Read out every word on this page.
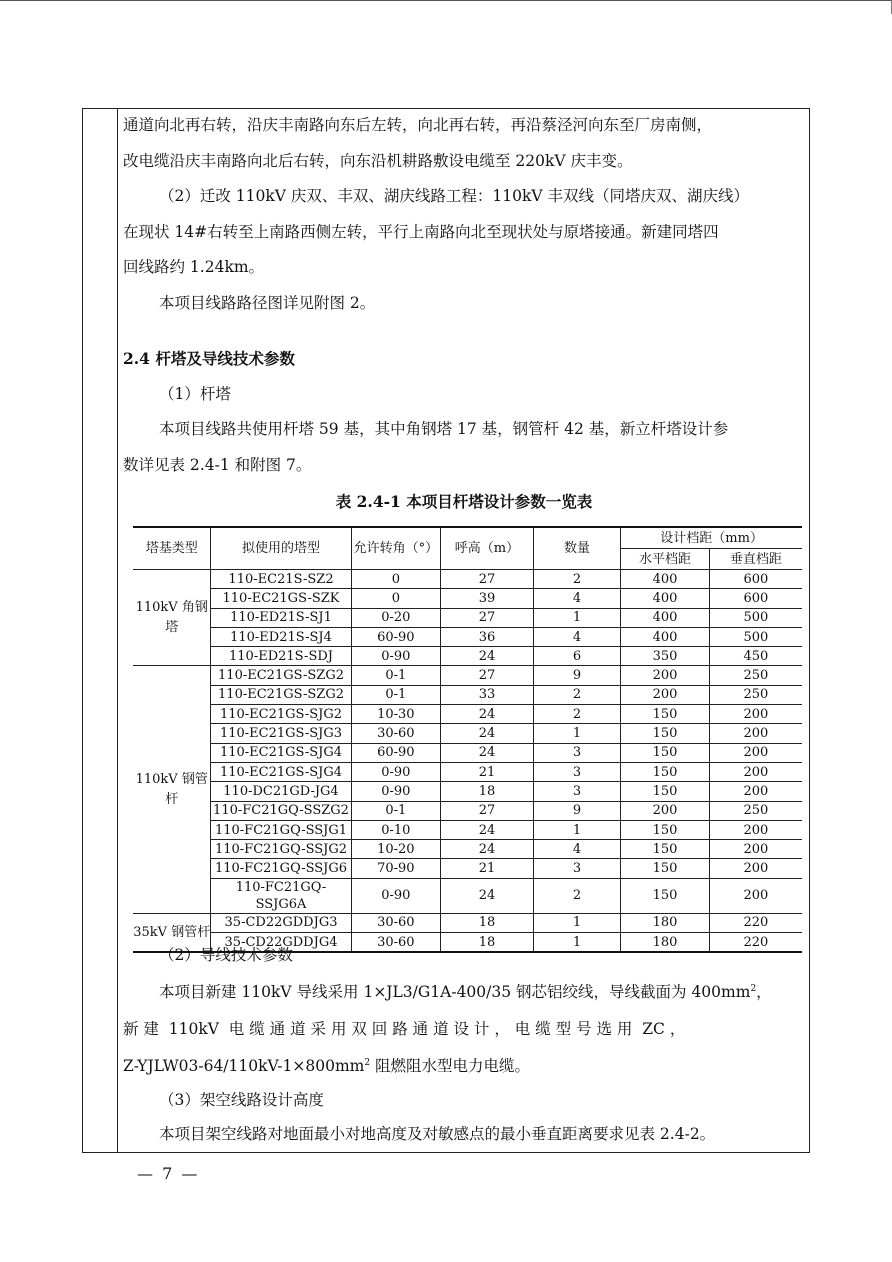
通道向北再右转，沿庆丰南路向东后左转，向北再右转，再沿蔡泾河向东至厂房南侧，

改电缆沿庆丰南路向北后右转，向东沿机耕路敷设电缆至 220kV 庆丰变。

（2）迁改 110kV 庆双、丰双、湖庆线路工程：110kV 丰双线（同塔庆双、湖庆线）

在现状 14#右转至上南路西侧左转，平行上南路向北至现状处与原塔接通。新建同塔四

回线路约 1.24km。

本项目线路路径图详见附图 2。

2.4 杆塔及导线技术参数

（1）杆塔

本项目线路共使用杆塔 59 基，其中角钢塔 17 基，钢管杆 42 基，新立杆塔设计参

数详见表 2.4-1 和附图 7。

表 2.4-1 本项目杆塔设计参数一览表
塔基类型	拟使用的塔型	允许转角（°）	呼高（m）	数量	设计档距（mm）	
					水平档距	垂直档距
110kV 角钢塔	110-EC21S-SZ2	0	27	2	400	600
	110-EC21GS-SZK	0	39	4	400	600
	110-ED21S-SJ1	0-20	27	1	400	500
	110-ED21S-SJ4	60-90	36	4	400	500
	110-ED21S-SDJ	0-90	24	6	350	450
110kV 钢管杆	110-EC21GS-SZG2	0-1	27	9	200	250
	110-EC21GS-SZG2	0-1	33	2	200	250
	110-EC21GS-SJG2	10-30	24	2	150	200
	110-EC21GS-SJG3	30-60	24	1	150	200
	110-EC21GS-SJG4	60-90	24	3	150	200
	110-EC21GS-SJG4	0-90	21	3	150	200
	110-DC21GD-JG4	0-90	18	3	150	200
	110-FC21GQ-SSZG2	0-1	27	9	200	250
	110-FC21GQ-SSJG1	0-10	24	1	150	200
	110-FC21GQ-SSJG2	10-20	24	4	150	200
	110-FC21GQ-SSJG6	70-90	21	3	150	200
	110-FC21GQ-SSJG6A	0-90	24	2	150	200
35kV 钢管杆	35-CD22GDDJG3	30-60	18	1	180	220
	35-CD22GDDJG4	30-60	18	1	180	220

（2）导线技术参数

本项目新建 110kV 导线采用 1×JL3/G1A-400/35 钢芯铝绞线，导线截面为 $400mm^2$，

新 建  110kV  电 缆 通 道 采 用 双 回 路 通 道 设 计 ， 电 缆 型 号 选 用  ZC ，

$Z-YJLW03-64/110kV-1\times 800mm^2$ 阻燃阻水型电力电缆。

（3）架空线路设计高度

本项目架空线路对地面最小对地高度及对敏感点的最小垂直距离要求见表 2.4-2。

— 7 —
